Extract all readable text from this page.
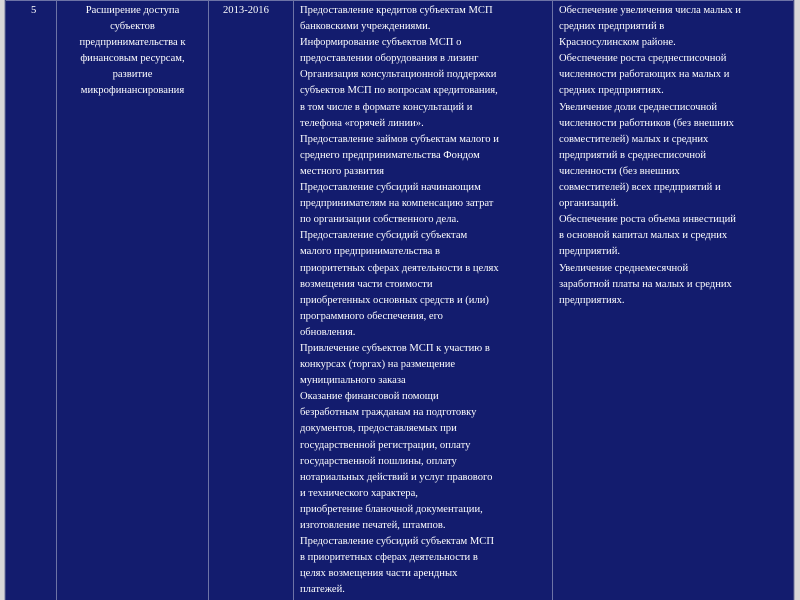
5	Расширение доступа
субъектов
предпринимательства к
финансовым ресурсам,
развитие
микрофинансирования
2013-2016	Предоставление кредитов субъектам МСП
банковскими учреждениями.
Информирование субъектов МСП о
предоставлении оборудования в лизинг
Организация консультационной поддержки
субъектов МСП по вопросам кредитования,
в том числе в формате консультаций и
телефона «горячей линии».
Предоставление займов субъектам малого и
среднего предпринимательства Фондом
местного развития
Предоставление субсидий начинающим
предпринимателям на компенсацию затрат
по организации собственного дела.
Предоставление субсидий субъектам
малого предпринимательства в
приоритетных сферах деятельности в целях
возмещения части стоимости
приобретенных основных средств и (или)
программного обеспечения, его
обновления.
Привлечение субъектов МСП к участию в
конкурсах (торгах) на размещение
муниципального заказа
Оказание финансовой помощи
безработным гражданам на подготовку
документов, предоставляемых при
государственной регистрации, оплату
государственной пошлины, оплату
нотариальных действий и услуг правового
и технического характера,
приобретение бланочной документации,
изготовление печатей, штампов.
Предоставление субсидий субъектам МСП
в приоритетных сферах деятельности в
целях возмещения части арендных
платежей.
Обеспечение увеличения числа малых и
средних предприятий в
Красносулинском районе.
Обеспечение роста среднесписочной
численности работающих на малых и
средних предприятиях.
Увеличение доли среднесписочной
численности работников (без внешних
совместителей) малых и средних
предприятий в среднесписочной
численности (без внешних
совместителей) всех предприятий и
организаций.
Обеспечение роста объема инвестиций
в основной капитал малых и средних
предприятий.
Увеличение среднемесячной
заработной платы на малых и средних
предприятиях.
